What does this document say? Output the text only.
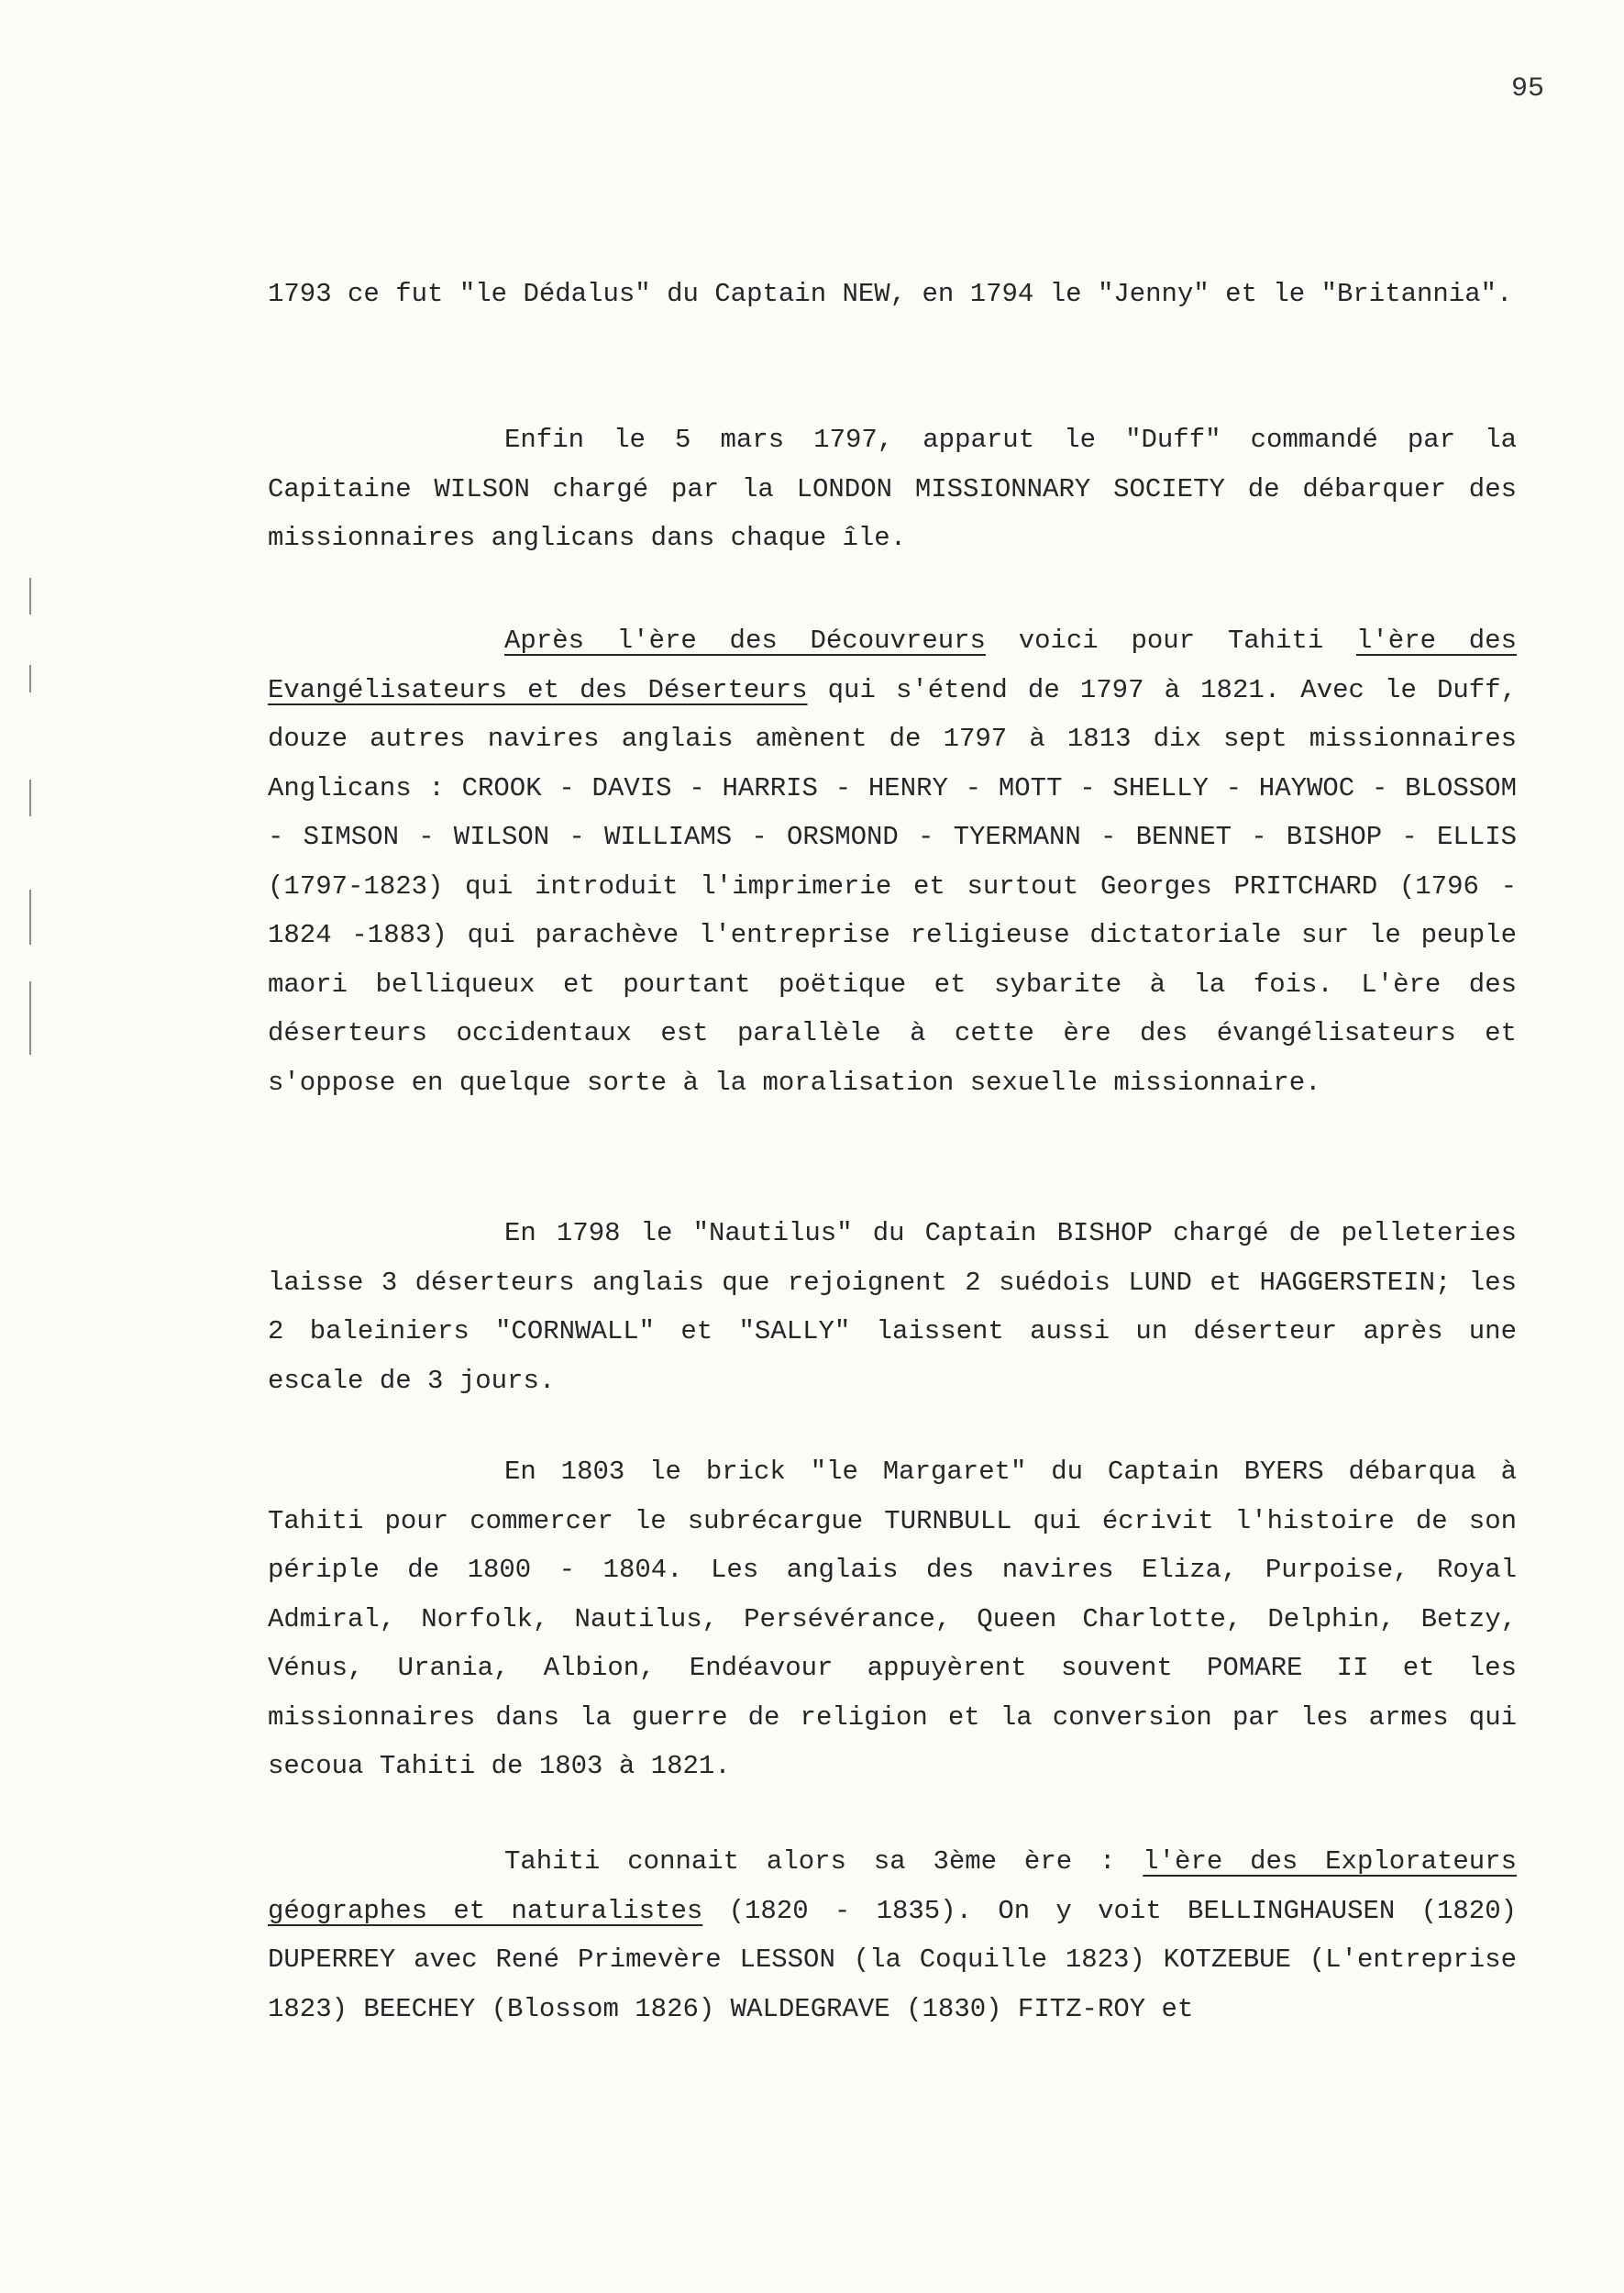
95

1793 ce fut "le Dédalus" du Captain NEW, en 1794 le "Jenny" et le "Britannia".

Enfin le 5 mars 1797, apparut le "Duff" commandé par la Capitaine WILSON chargé par la LONDON MISSIONNARY SOCIETY de débarquer des missionnaires anglicans dans chaque île.

Après l'ère des Découvreurs voici pour Tahiti l'ère des Evangélisateurs et des Déserteurs qui s'étend de 1797 à 1821. Avec le Duff, douze autres navires anglais amènent de 1797 à 1813 dix sept missionnaires Anglicans : CROOK - DAVIS - HARRIS - HENRY - MOTT - SHELLY - HAYWOC - BLOSSOM - SIMSON - WILSON - WILLIAMS - ORSMOND - TYERMANN - BENNET - BISHOP - ELLIS (1797-1823) qui introduit l'imprimerie et surtout Georges PRITCHARD (1796 - 1824 -1883) qui parachève l'entreprise religieuse dictatoriale sur le peuple maori belliqueux et pourtant poëtique et sybarite à la fois. L'ère des déserteurs occidentaux est parallèle à cette ère des évangélisateurs et s'oppose en quelque sorte à la moralisation sexuelle missionnaire.

En 1798 le "Nautilus" du Captain BISHOP chargé de pelleteries laisse 3 déserteurs anglais que rejoignent 2 suédois LUND et HAGGERSTEIN; les 2 baleiniers "CORNWALL" et "SALLY" laissent aussi un déserteur après une escale de 3 jours.

En 1803 le brick "le Margaret" du Captain BYERS débarqua à Tahiti pour commercer le subrécargue TURNBULL qui écrivit l'histoire de son périple de 1800 - 1804. Les anglais des navires Eliza, Purpoise, Royal Admiral, Norfolk, Nautilus, Persévérance, Queen Charlotte, Delphin, Betzy, Vénus, Urania, Albion, Endéavour appuyèrent souvent POMARE II et les missionnaires dans la guerre de religion et la conversion par les armes qui secoua Tahiti de 1803 à 1821.

Tahiti connait alors sa 3ème ère : l'ère des Explorateurs géographes et naturalistes (1820 - 1835). On y voit BELLINGHAUSEN (1820) DUPERREY avec René Primevère LESSON (la Coquille 1823) KOTZEBUE (L'entreprise 1823) BEECHEY (Blossom 1826) WALDEGRAVE (1830) FITZ-ROY et
